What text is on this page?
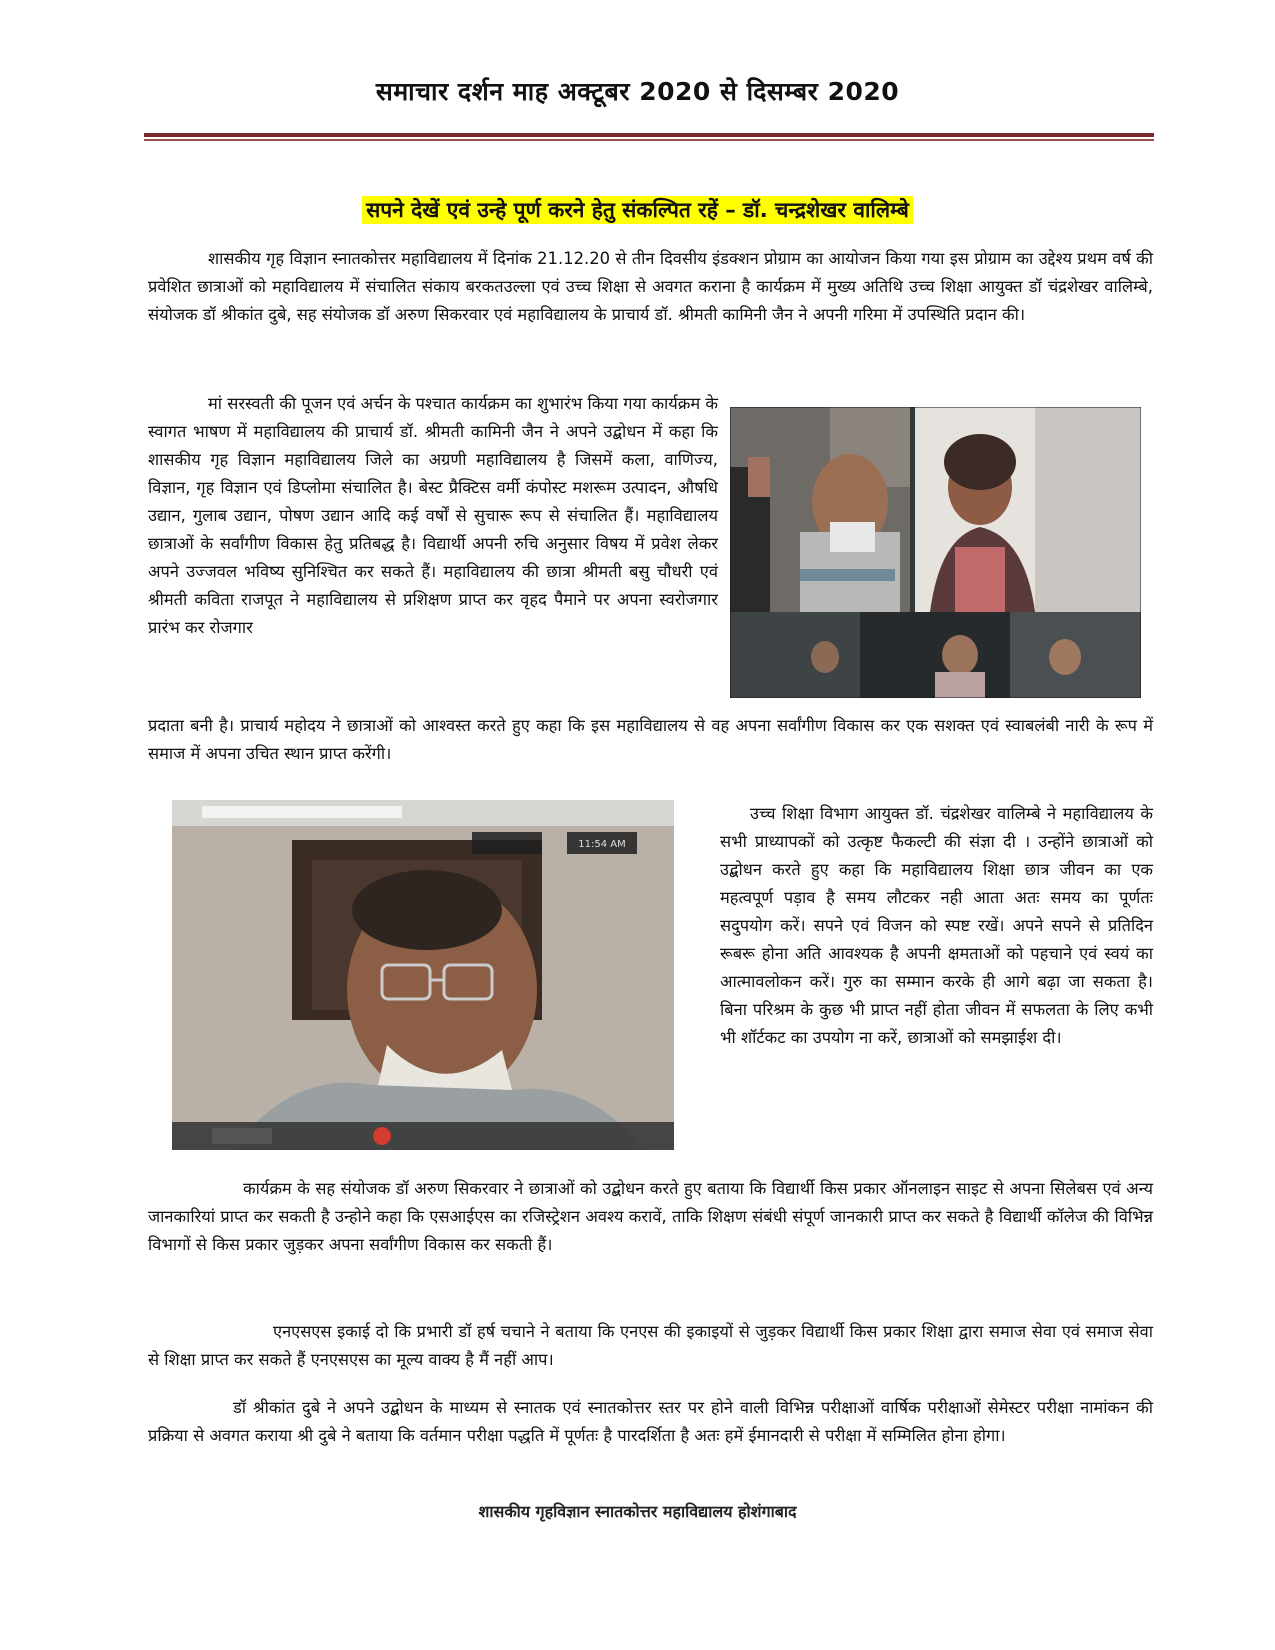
समाचार दर्शन माह अक्टूबर 2020 से दिसम्बर 2020
सपने देखें एवं उन्हे पूर्ण करने हेतु संकल्पित रहें – डॉ. चन्द्रशेखर वालिम्बे

शासकीय गृह विज्ञान स्नातकोत्तर महाविद्यालय में दिनांक 21.12.20 से तीन दिवसीय इंडक्शन प्रोग्राम का आयोजन किया गया इस प्रोग्राम का उद्देश्य प्रथम वर्ष की प्रवेशित छात्राओं को महाविद्यालय में संचालित संकाय बरकतउल्ला एवं उच्च शिक्षा से अवगत कराना है कार्यक्रम में मुख्य अतिथि उच्च शिक्षा आयुक्त डॉ चंद्रशेखर वालिम्बे, संयोजक डॉ श्रीकांत दुबे, सह संयोजक डॉ अरुण सिकरवार एवं महाविद्यालय के प्राचार्य डॉ. श्रीमती कामिनी जैन ने अपनी गरिमा में उपस्थिति प्रदान की।

मां सरस्वती की पूजन एवं अर्चन के पश्चात कार्यक्रम का शुभारंभ किया गया कार्यक्रम के स्वागत भाषण में महाविद्यालय की प्राचार्य डॉ. श्रीमती कामिनी जैन ने अपने उद्बोधन में कहा कि शासकीय गृह विज्ञान महाविद्यालय जिले का अग्रणी महाविद्यालय है जिसमें कला, वाणिज्य, विज्ञान, गृह विज्ञान एवं डिप्लोमा संचालित है। बेस्ट प्रैक्टिस वर्मी कंपोस्ट मशरूम उत्पादन, औषधि उद्यान, गुलाब उद्यान, पोषण उद्यान आदि कई वर्षों से सुचारू रूप से संचालित हैं। महाविद्यालय छात्राओं के सर्वांगीण विकास हेतु प्रतिबद्ध है। विद्यार्थी अपनी रुचि अनुसार विषय में प्रवेश लेकर अपने उज्जवल भविष्य सुनिश्चित कर सकते हैं। महाविद्यालय की छात्रा श्रीमती बसु चौधरी एवं श्रीमती कविता राजपूत ने महाविद्यालय से प्रशिक्षण प्राप्त कर वृहद पैमाने पर अपना स्वरोजगार प्रारंभ कर रोजगार

प्रदाता बनी है। प्राचार्य महोदय ने छात्राओं को आश्वस्त करते हुए कहा कि इस महाविद्यालय से वह अपना सर्वांगीण विकास कर एक सशक्त एवं स्वाबलंबी नारी के रूप में समाज में अपना उचित स्थान प्राप्त करेंगी।

11:54 AM

उच्च शिक्षा विभाग आयुक्त डॉ. चंद्रशेखर वालिम्बे ने महाविद्यालय के सभी प्राध्यापकों को उत्कृष्ट फैकल्टी की संज्ञा दी । उन्होंने छात्राओं को उद्बोधन करते हुए कहा कि महाविद्यालय शिक्षा छात्र जीवन का एक महत्वपूर्ण पड़ाव है समय लौटकर नही आता अतः समय का पूर्णतः सदुपयोग करें। सपने एवं विजन को स्पष्ट रखें। अपने सपने से प्रतिदिन रूबरू होना अति आवश्यक है अपनी क्षमताओं को पहचाने एवं स्वयं का आत्मावलोकन करें। गुरु का सम्मान करके ही आगे बढ़ा जा सकता है। बिना परिश्रम के कुछ भी प्राप्त नहीं होता जीवन में सफलता के लिए कभी भी शॉर्टकट का उपयोग ना करें, छात्राओं को समझाईश दी।

कार्यक्रम के सह संयोजक डॉ अरुण सिकरवार ने छात्राओं को उद्बोधन करते हुए बताया कि विद्यार्थी किस प्रकार ऑनलाइन साइट से अपना सिलेबस एवं अन्य जानकारियां प्राप्त कर सकती है उन्होने कहा कि एसआईएस का रजिस्ट्रेशन अवश्य करावें, ताकि शिक्षण संबंधी संपूर्ण जानकारी प्राप्त कर सकते है विद्यार्थी कॉलेज की विभिन्न विभागों से किस प्रकार जुड़कर अपना सर्वांगीण विकास कर सकती हैं।

एनएसएस इकाई दो कि प्रभारी डॉ हर्ष चचाने ने बताया कि एनएस की इकाइयों से जुड़कर विद्यार्थी किस प्रकार शिक्षा द्वारा समाज सेवा एवं समाज सेवा से शिक्षा प्राप्त कर सकते हैं एनएसएस का मूल्य वाक्य है मैं नहीं आप।

डॉ श्रीकांत दुबे ने अपने उद्बोधन के माध्यम से स्नातक एवं स्नातकोत्तर स्तर पर होने वाली विभिन्न परीक्षाओं वार्षिक परीक्षाओं सेमेस्टर परीक्षा नामांकन की प्रक्रिया से अवगत कराया श्री दुबे ने बताया कि वर्तमान परीक्षा पद्धति में पूर्णतः है पारदर्शिता है अतः हमें ईमानदारी से परीक्षा में सम्मिलित होना होगा।

शासकीय गृहविज्ञान स्नातकोत्तर महाविद्यालय होशंगाबाद
